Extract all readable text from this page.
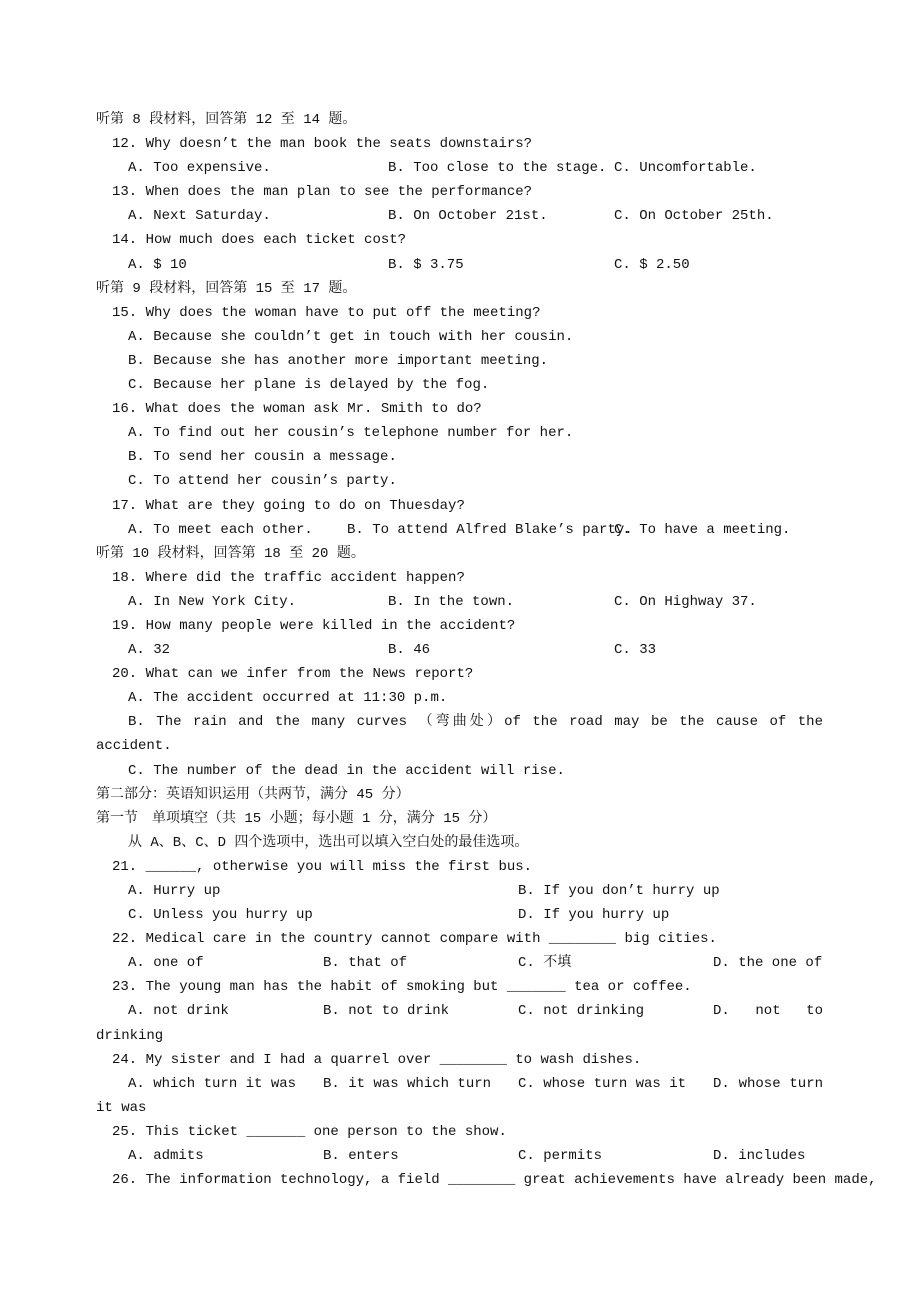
听第 8 段材料，回答第 12 至 14 题。
12. Why doesn’t the man book the seats downstairs?
A. Too expensive.	B. Too close to the stage. C. Uncomfortable.
13. When does the man plan to see the performance?
A. Next Saturday.	B. On October 21st.	C. On October 25th.
14. How much does each ticket cost?
A. $ 10	B. $ 3.75	C. $ 2.50
听第 9 段材料，回答第 15 至 17 题。
15. Why does the woman have to put off the meeting?
A. Because she couldn’t get in touch with her cousin.
B. Because she has another more important meeting.
C. Because her plane is delayed by the fog.
16. What does the woman ask Mr. Smith to do?
A. To find out her cousin’s telephone number for her.
B. To send her cousin a message.
C. To attend her cousin’s party.
17. What are they going to do on Thuesday?
A. To meet each other. B. To attend Alfred Blake’s party.
C. To have a meeting.
听第 10 段材料，回答第 18 至 20 题。
18. Where did the traffic accident happen?
A. In New York City.	B. In the town.	C. On Highway 37.
19. How many people were killed in the accident?
A. 32	B. 46	C. 33
20. What can we infer from the News report?
A. The accident occurred at 11:30 p.m.
B. The rain and the many curves （弯曲处）of the road may be the cause of the
accident.
C. The number of the dead in the accident will rise.
第二部分：英语知识运用（共两节，满分 45 分）
第一节　单项填空（共 15 小题；每小题 1 分，满分 15 分）
从 A、B、C、D 四个选项中，选出可以填入空白处的最佳选项。
21. ______, otherwise you will miss the first bus.
A. Hurry up	B. If you don’t hurry up
C. Unless you hurry up	D. If you hurry up
22. Medical care in the country cannot compare with ________ big cities.
A. one of	B. that of	C. 不填	D. the one of
23. The young man has the habit of smoking but _______ tea or coffee.
A. not drink	B. not to drink	C. not drinking	D. not to
drinking
24. My sister and I had a quarrel over ________ to wash dishes.
A. which turn it was B. it was which turn C. whose turn was it D. whose turn
it was
25. This ticket _______ one person to the show.
A. admits	B. enters	C. permits	D. includes
26. The information technology, a field ________ great achievements have already been made,
